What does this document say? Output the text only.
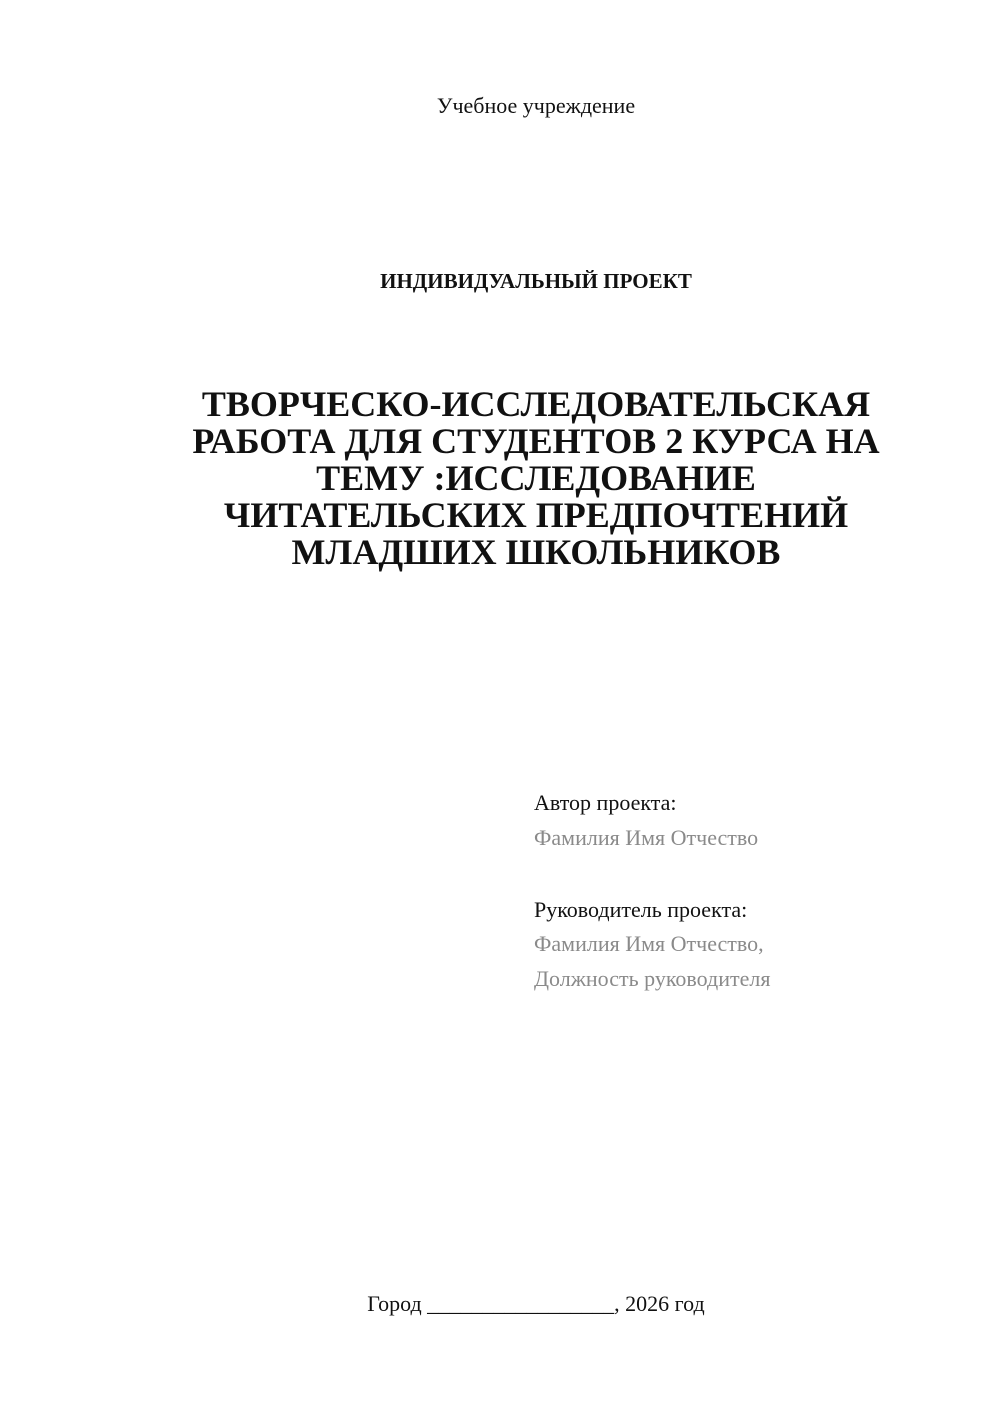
Учебное учреждение
ИНДИВИДУАЛЬНЫЙ ПРОЕКТ
ТВОРЧЕСКО-ИССЛЕДОВАТЕЛЬСКАЯ
РАБОТА ДЛЯ СТУДЕНТОВ 2 КУРСА НА
ТЕМУ :ИССЛЕДОВАНИЕ
ЧИТАТЕЛЬСКИХ ПРЕДПОЧТЕНИЙ
МЛАДШИХ ШКОЛЬНИКОВ
Автор проекта:
Фамилия Имя Отчество
Руководитель проекта:
Фамилия Имя Отчество,
Должность руководителя
Город _________________, 2026 год
